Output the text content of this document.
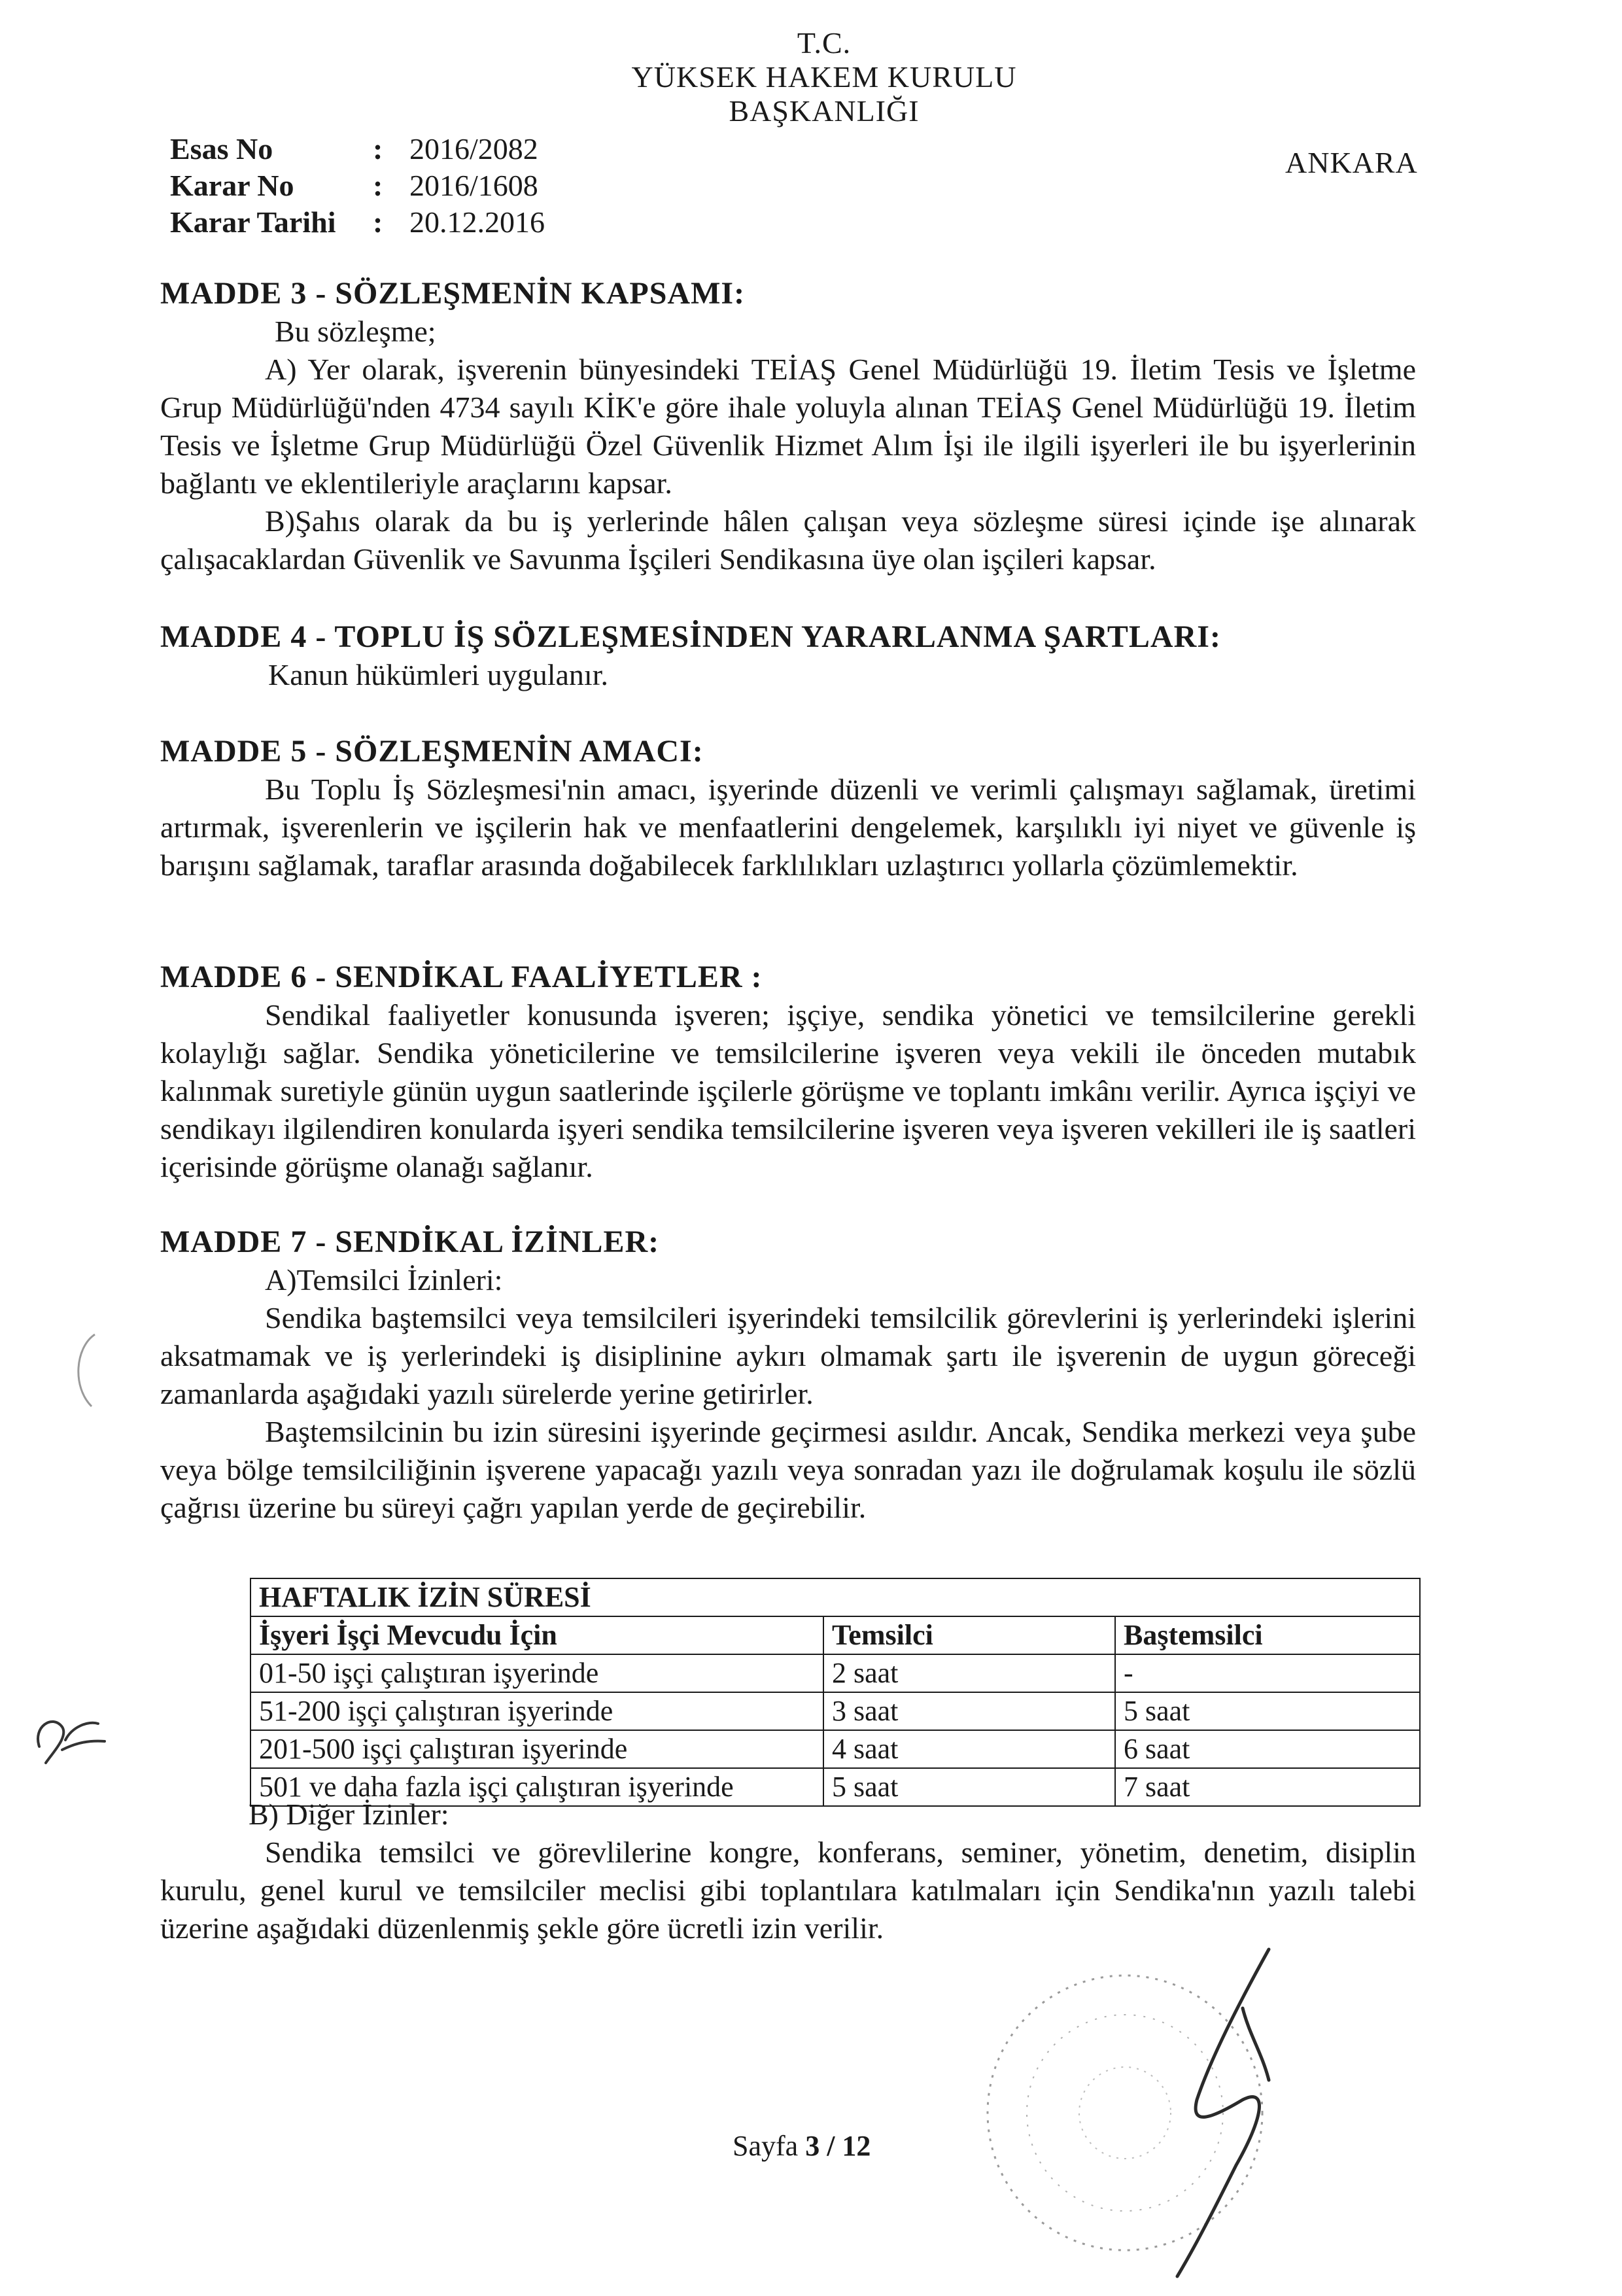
T.C.
YÜKSEK HAKEM KURULU
BAŞKANLIĞI
Esas No	: 2016/2082
Karar No	: 2016/1608
Karar Tarihi	: 20.12.2016
ANKARA
MADDE 3 - SÖZLEŞMENİN KAPSAMI:
Bu sözleşme;

A) Yer olarak, işverenin bünyesindeki TEİAŞ Genel Müdürlüğü 19. İletim Tesis ve İşletme Grup Müdürlüğü'nden 4734 sayılı KİK'e göre ihale yoluyla alınan TEİAŞ Genel Müdürlüğü 19. İletim Tesis ve İşletme Grup Müdürlüğü Özel Güvenlik Hizmet Alım İşi ile ilgili işyerleri ile bu işyerlerinin bağlantı ve eklentileriyle araçlarını kapsar.

B)Şahıs olarak da bu iş yerlerinde hâlen çalışan veya sözleşme süresi içinde işe alınarak çalışacaklardan Güvenlik ve Savunma İşçileri Sendikasına üye olan işçileri kapsar.

MADDE 4 - TOPLU İŞ SÖZLEŞMESİNDEN YARARLANMA ŞARTLARI:
Kanun hükümleri uygulanır.
MADDE 5 - SÖZLEŞMENİN AMACI:

Bu Toplu İş Sözleşmesi'nin amacı, işyerinde düzenli ve verimli çalışmayı sağlamak, üretimi artırmak, işverenlerin ve işçilerin hak ve menfaatlerini dengelemek, karşılıklı iyi niyet ve güvenle iş barışını sağlamak, taraflar arasında doğabilecek farklılıkları uzlaştırıcı yollarla çözümlemektir.

MADDE 6 - SENDİKAL FAALİYETLER :

Sendikal faaliyetler konusunda işveren; işçiye, sendika yönetici ve temsilcilerine gerekli kolaylığı sağlar. Sendika yöneticilerine ve temsilcilerine işveren veya vekili ile önceden mutabık kalınmak suretiyle günün uygun saatlerinde işçilerle görüşme ve toplantı imkânı verilir. Ayrıca işçiyi ve sendikayı ilgilendiren konularda işyeri sendika temsilcilerine işveren veya işveren vekilleri ile iş saatleri içerisinde görüşme olanağı sağlanır.

MADDE 7 - SENDİKAL İZİNLER:
A)Temsilci İzinleri:

Sendika baştemsilci veya temsilcileri işyerindeki temsilcilik görevlerini iş yerlerindeki işlerini aksatmamak ve iş yerlerindeki iş disiplinine aykırı olmamak şartı ile işverenin de uygun göreceği zamanlarda aşağıdaki yazılı sürelerde yerine getirirler.

Baştemsilcinin bu izin süresini işyerinde geçirmesi asıldır. Ancak, Sendika merkezi veya şube veya bölge temsilciliğinin işverene yapacağı yazılı veya sonradan yazı ile doğrulamak koşulu ile sözlü çağrısı üzerine bu süreyi çağrı yapılan yerde de geçirebilir.

HAFTALIK İZİN SÜRESİ		
İşyeri İşçi Mevcudu İçin	Temsilci	Baştemsilci
01-50 işçi çalıştıran işyerinde	2 saat	-
51-200 işçi çalıştıran işyerinde	3 saat	5 saat
201-500 işçi çalıştıran işyerinde	4 saat	6 saat
501 ve daha fazla işçi çalıştıran işyerinde	5 saat	7 saat
B) Diğer İzinler:

Sendika temsilci ve görevlilerine kongre, konferans, seminer, yönetim, denetim, disiplin kurulu, genel kurul ve temsilciler meclisi gibi toplantılara katılmaları için Sendika'nın yazılı talebi üzerine aşağıdaki düzenlenmiş şekle göre ücretli izin verilir.

Sayfa 3 / 12
